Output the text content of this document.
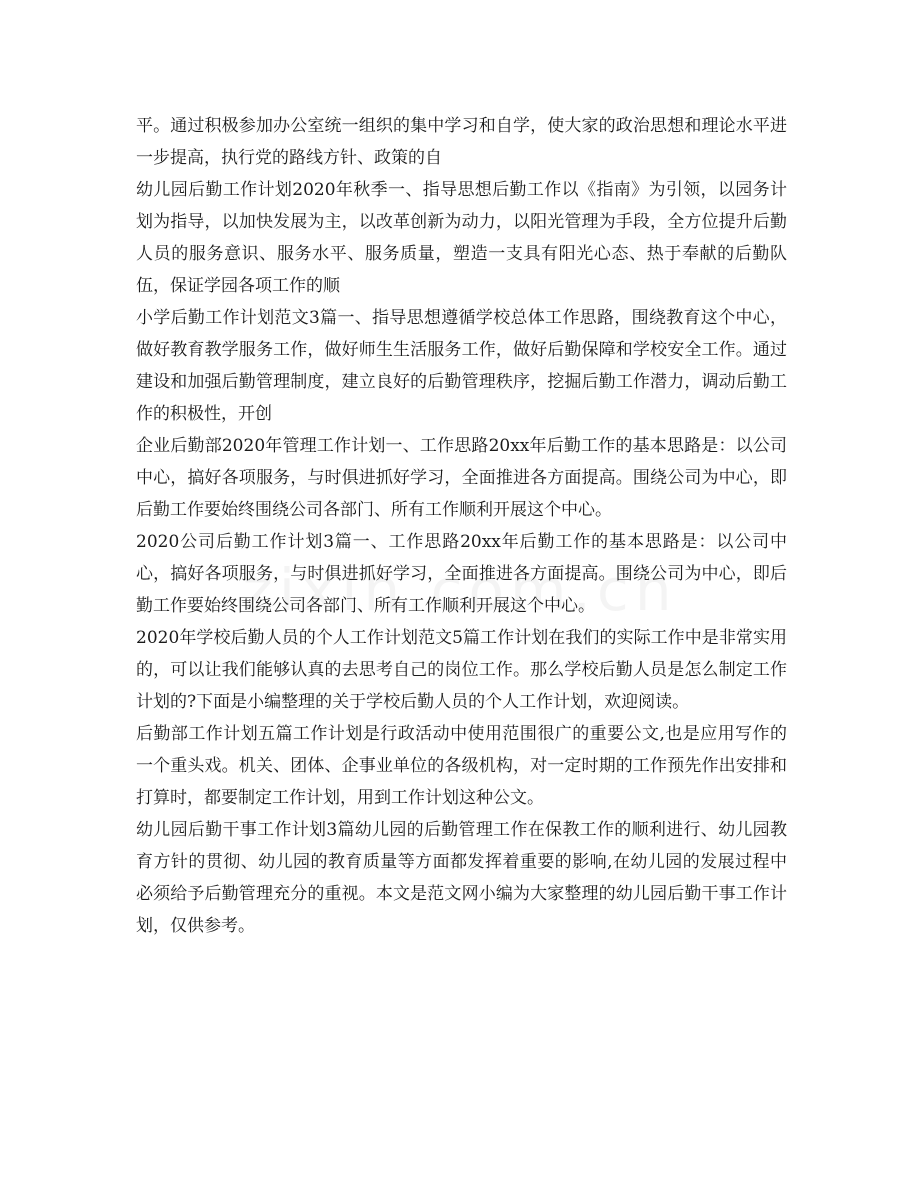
平。通过积极参加办公室统一组织的集中学习和自学，使大家的政治思想和理论水平进一步提高，执行党的路线方针、政策的自

幼儿园后勤工作计划2020年秋季一、指导思想后勤工作以《指南》为引领，以园务计划为指导，以加快发展为主，以改革创新为动力，以阳光管理为手段，全方位提升后勤人员的服务意识、服务水平、服务质量，塑造一支具有阳光心态、热于奉献的后勤队伍，保证学园各项工作的顺

小学后勤工作计划范文3篇一、指导思想遵循学校总体工作思路，围绕教育这个中心，做好教育教学服务工作，做好师生生活服务工作，做好后勤保障和学校安全工作。通过建设和加强后勤管理制度，建立良好的后勤管理秩序，挖掘后勤工作潜力，调动后勤工作的积极性，开创

企业后勤部2020年管理工作计划一、工作思路20xx年后勤工作的基本思路是：以公司中心，搞好各项服务，与时俱进抓好学习，全面推进各方面提高。围绕公司为中心，即后勤工作要始终围绕公司各部门、所有工作顺利开展这个中心。

2020公司后勤工作计划3篇一、工作思路20xx年后勤工作的基本思路是：以公司中心，搞好各项服务，与时俱进抓好学习，全面推进各方面提高。围绕公司为中心，即后勤工作要始终围绕公司各部门、所有工作顺利开展这个中心。

2020年学校后勤人员的个人工作计划范文5篇工作计划在我们的实际工作中是非常实用的，可以让我们能够认真的去思考自己的岗位工作。那么学校后勤人员是怎么制定工作计划的?下面是小编整理的关于学校后勤人员的个人工作计划，欢迎阅读。

后勤部工作计划五篇工作计划是行政活动中使用范围很广的重要公文,也是应用写作的一个重头戏。机关、团体、企事业单位的各级机构，对一定时期的工作预先作出安排和打算时，都要制定工作计划，用到工作计划这种公文。

幼儿园后勤干事工作计划3篇幼儿园的后勤管理工作在保教工作的顺利进行、幼儿园教育方针的贯彻、幼儿园的教育质量等方面都发挥着重要的影响,在幼儿园的发展过程中必须给予后勤管理充分的重视。本文是范文网小编为大家整理的幼儿园后勤干事工作计划，仅供参考。
